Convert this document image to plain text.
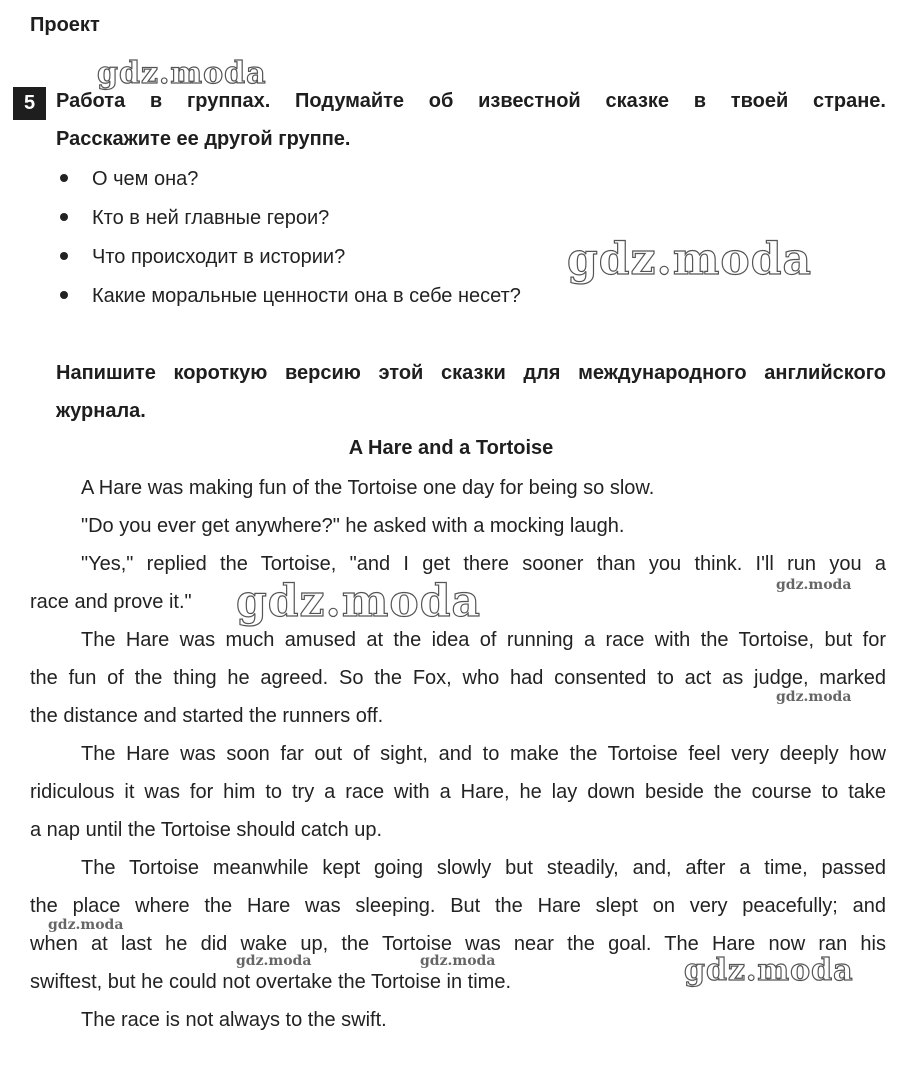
Проект
gdz.moda
5	Работа в группах. Подумайте об известной сказке в твоей стране.
Расскажите ее другой группе.
О чем она?
Кто в ней главные герои?
Что происходит в истории?
Какие моральные ценности она в себе несет?
gdz.moda
Напишите короткую версию этой сказки для международного английского
журнала.
A Hare and a Tortoise
A Hare was making fun of the Tortoise one day for being so slow.
"Do you ever get anywhere?" he asked with a mocking laugh.
"Yes," replied the Tortoise, "and I get there sooner than you think. I'll run you a
race and prove it."
The Hare was much amused at the idea of running a race with the Tortoise, but for
the fun of the thing he agreed. So the Fox, who had consented to act as judge, marked
the distance and started the runners off.
The Hare was soon far out of sight, and to make the Tortoise feel very deeply how
ridiculous it was for him to try a race with a Hare, he lay down beside the course to take
a nap until the Tortoise should catch up.
The Tortoise meanwhile kept going slowly but steadily, and, after a time, passed
the place where the Hare was sleeping. But the Hare slept on very peacefully; and
when at last he did wake up, the Tortoise was near the goal. The Hare now ran his
swiftest, but he could not overtake the Tortoise in time.
The race is not always to the swift.
gdz.moda
gdz.moda
gdz.moda
gdz.moda
gdz.moda
gdz.moda	gdz.moda
